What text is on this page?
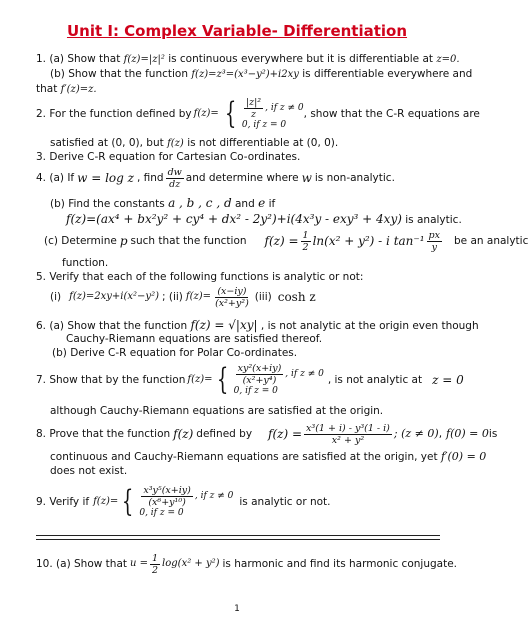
Unit I: Complex Variable- Differentiation
1. (a) Show that f(z)=|z|² is continuous everywhere but it is differentiable at z=0.
(b) Show that the function f(z)=z³=(x³−y²)+i2xy is differentiable everywhere and
that f′(z)=z.
2. For the function defined by f(z)= { $\frac{\text{|z|²}}{z}$ , if z ≠ 0
0, if z = 0
, show that the C-R equations are
satisfied at (0, 0), but f(z) is not differentiable at (0, 0).
3. Derive C-R equation for Cartesian Co-ordinates.
4. (a) If w = log z , find $\frac{dw}{dz}$ and determine where w is non-analytic.
(b) Find the constants a , b , c , d and e if
f(z)=(ax⁴ + bx²y² + cy⁴ + dx² - 2y²)+i(4x³y - exy³ + 4xy) is analytic.
(c) Determine p such that the function $f(z) = \frac{1}{2} \ln(x^2 + y^2) - i$ $\tan^{-1} \frac{px}{y}$ be an analytic
function.
5. Verify that each of the following functions is analytic or not:
(i) f(z)=2xy+i(x²−y²) ; (ii) $f(z)= \frac{(x-iy)}{\text{(x²+y²)}} (iii)$ cosh z
6. (a) Show that the function f(z) = √|xy| , is not analytic at the origin even though
Cauchy-Riemann equations are satisfied thereof.
(b) Derive C-R equation for Polar Co-ordinates.
7. Show that by the function f(z)= { $\frac{\text{xy²(x+iy)}}{\text{(x²+y⁴)}}$ , if z ≠ 0
0, if z = 0
, is not analytic at z = 0
although Cauchy-Riemann equations are satisfied at the origin.
8. Prove that the function f(z) defined by $f(z) = \frac{\text{x³(1 + i) - y³(1 - i)}}{\text{x² + y²}}$ ; (z ≠ 0) , f(0) = 0 is
continuous and Cauchy-Riemann equations are satisfied at the origin, yet f′(0) = 0
does not exist.
9. Verify if f(z)= { $\frac{\text{x³y⁵(x+iy)}}{\text{(x⁶+y¹⁰)}}$ , if z ≠ 0
0, if z = 0
is analytic or not.
10. (a) Show that $u = \frac{1}{2} \log(x^2 + y^2)$ is harmonic and find its harmonic conjugate.
1
